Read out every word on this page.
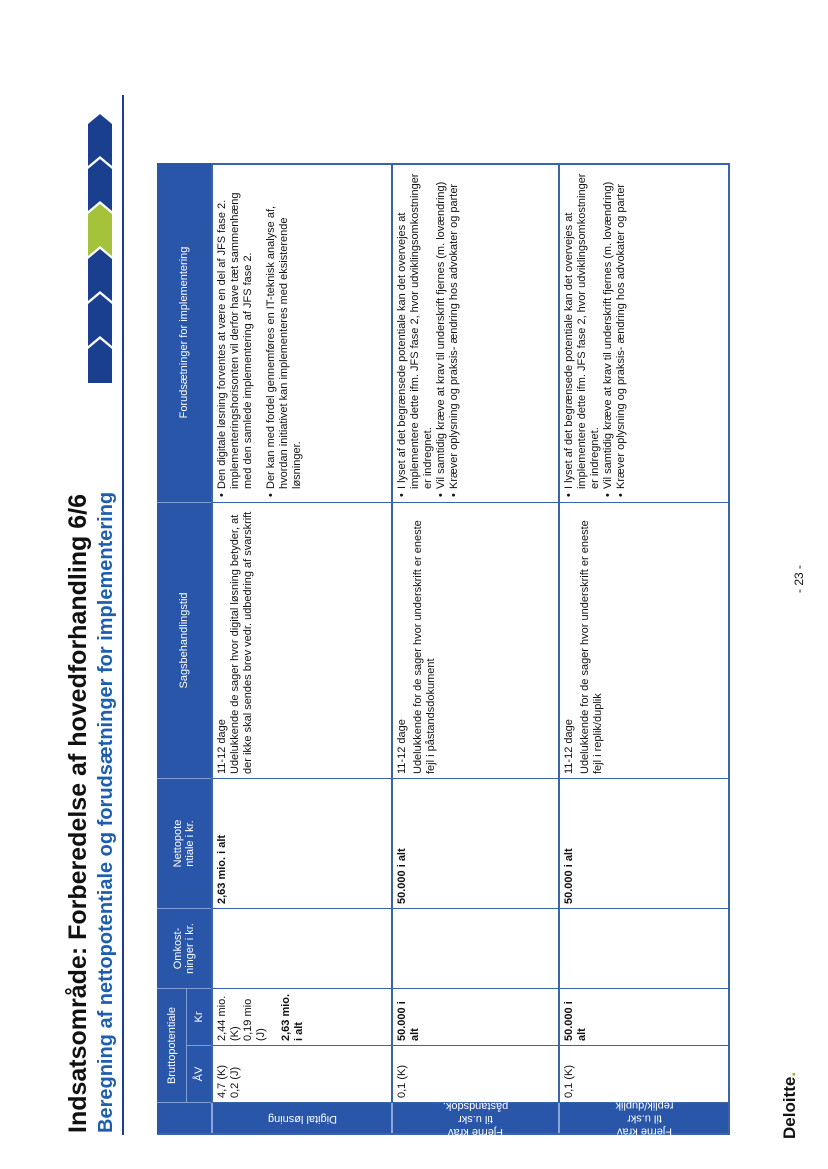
Indsatsområde: Forberedelse af hovedforhandling 6/6 Beregning af nettopotentiale og forudsætninger for implementering	Bruttopotentiale
Omkost-
ninger i kr.
Nettopote
ntiale i kr.
Sagsbehandlingstid
Forudsætninger for implementering
ÅV
Kr
Digital løsning
4,7 (K) 0,2 (J)
2,44 mio. (K) 0,19 mio (J) 2,63 mio. i alt
2,63 mio. i alt
11-12 dage Udelukkende de sager hvor digital løsning betyder, at der ikke skal sendes brev vedr. udbedring af svarskrift
• Den digitale løsning forventes at være en del af JFS fase 2. implementeringshorisonten vil derfor have tæt sammenhæng med den samlede implementering af JFS fase 2. • Der kan med fordel gennemføres en IT-teknisk analyse af, hvordan initiativet kan implementeres med eksisterende løsninger.
Fjerne krav til u.skr påstandsdok.
0,1 (K)
50.000 i alt
50.000 i alt
11-12 dage Udelukkende for de sager hvor underskrift er eneste fejl i påstandsdokument
• I lyset af det begrænsede potentiale kan det overvejes at implementere dette ifm. JFS fase 2, hvor udviklingsomkostninger er indregnet. • Vil samtidig kræve at krav til underskrift fjernes (m. lovændring) • Kræver oplysning og praksis- ændring hos advokater og parter
Fjerne krav til u.skr replik/duplik
0,1 (K)
50.000 i alt
50.000 i alt
11-12 dage Udelukkende for de sager hvor underskrift er eneste fejl i replik/duplik
• I lyset af det begrænsede potentiale kan det overvejes at implementere dette ifm. JFS fase 2, hvor udviklingsomkostninger er indregnet. • Vil samtidig kræve at krav til underskrift fjernes (m. lovændring) • Kræver oplysning og praksis- ændring hos advokater og parter
- 23 -
Deloitte.
